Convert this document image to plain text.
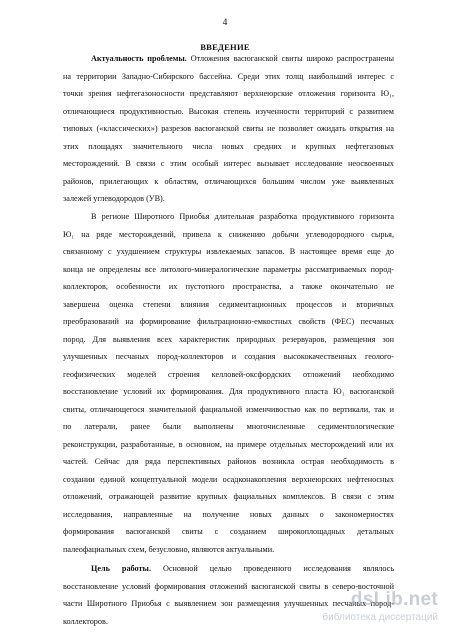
4
ВВЕДЕНИЕ
Актуальность проблемы. Отложения васюганской свиты широко распространены
на территории Западно-Сибирского бассейна. Среди этих толщ наибольший интерес с
точки зрения нефтегазоносности представляют верхнеюрские отложения горизонта Ю₁,
отличающиеся продуктивностью. Высокая степень изученности территорий с развитием
типовых («классических») разрезов васюганской свиты не позволяет ожидать открытия на
этих площадях значительного числа новых средних и крупных нефтегазовых
месторождений. В связи с этим особый интерес вызывает исследование неосвоенных
районов, прилегающих к областям, отличающихся большим числом уже выявленных
залежей углеводородов (УВ).
В регионе Широтного Приобья длительная разработка продуктивного горизонта
Ю₁ на ряде месторождений, привела к снижению добычи углеводородного сырья,
связанному с ухудшением структуры извлекаемых запасов. В настоящее время еще до
конца не определены все литолого-минералогические параметры рассматриваемых пород-
коллекторов, особенности их пустотного пространства, а также окончательно не
завершена оценка степени влияния седиментационных процессов и вторичных
преобразований на формирование фильтрационно-емкостных свойств (ФЕС) песчаных
пород. Для выявления всех характеристик природных резервуаров, размещения зон
улучшенных песчаных пород-коллекторов и создания высококачественных геолого-
геофизических моделей строения келловей-оксфордских отложений необходимо
восстановление условий их формирования. Для продуктивного пласта Ю₁ васюганской
свиты, отличающегося значительной фациальной изменчивостью как по вертикали, так и
по латерали, ранее были выполнены многочисленные седиментологические
реконструкции, разработанные, в основном, на примере отдельных месторождений или их
частей. Сейчас для ряда перспективных районов возникла острая необходимость в
создании единой концептуальной модели осадконакопления верхнеюрских нефтеносных
отложений, отражающей развитие крупных фациальных комплексов. В связи с этим
исследования, направленные на получение новых данных о закономерностях
формирования васюганской свиты с созданием широкоплощадных детальных
палеофациальных схем, безусловно, являются актуальными.
Цель работы. Основной целью проведенного исследования являлось
восстановление условий формирования отложений васюганской свиты в северо-восточной
части Широтного Приобья с выявлением зон размещения улучшенных песчаных пород-
коллекторов.
dsLib.net
библиотека диссертаций
